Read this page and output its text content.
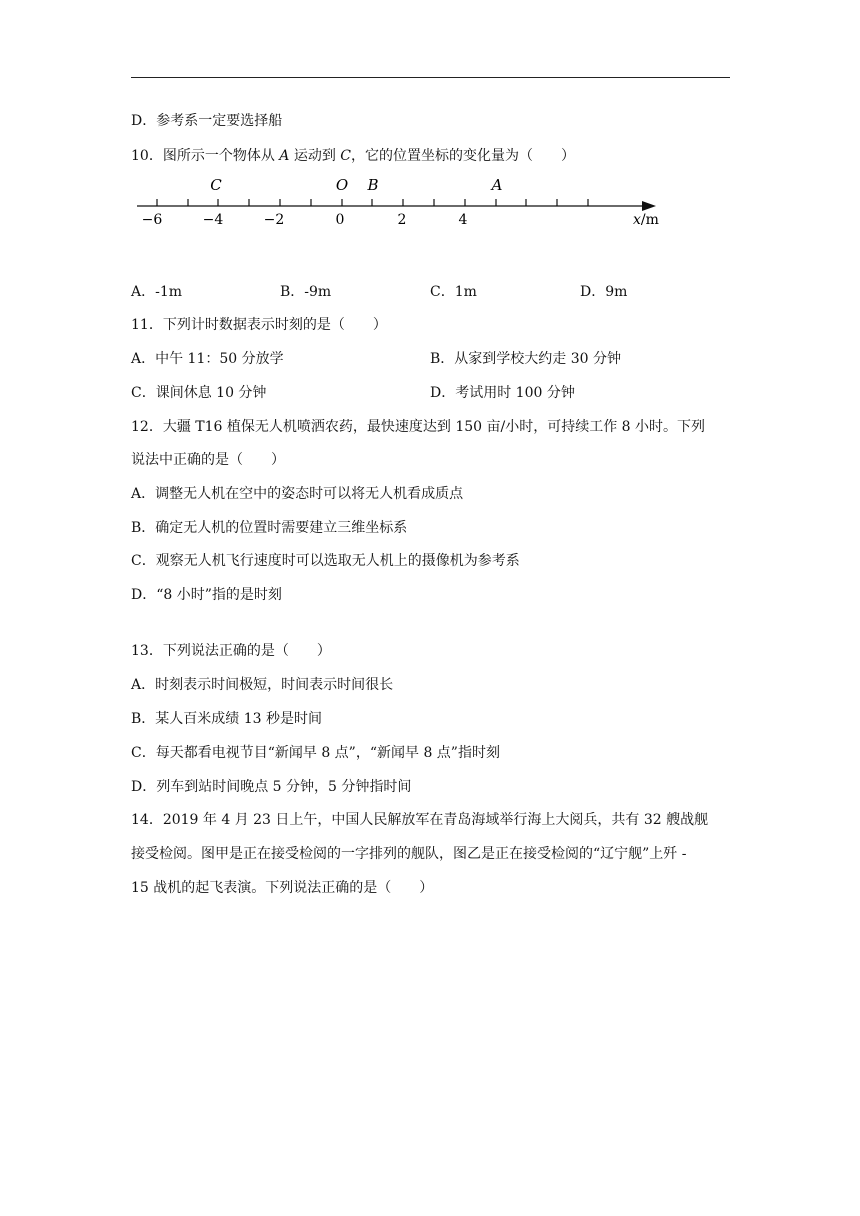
D．参考系一定要选择船
10．图所示一个物体从 A 运动到 C，它的位置坐标的变化量为（　　）
C	O B	A
−6	−4	−2	0	2	4	x/m
A．-1m	B．-9m	C．1m	D．9m
11．下列计时数据表示时刻的是（　　）
A．中午 11：50 分放学	B．从家到学校大约走 30 分钟
C．课间休息 10 分钟	D．考试用时 100 分钟
12．大疆 T16 植保无人机喷洒农药，最快速度达到 150 亩/小时，可持续工作 8 小时。下列
说法中正确的是（　　）
A．调整无人机在空中的姿态时可以将无人机看成质点
B．确定无人机的位置时需要建立三维坐标系
C．观察无人机飞行速度时可以选取无人机上的摄像机为参考系
D．“8 小时”指的是时刻
13．下列说法正确的是（　　）
A．时刻表示时间极短，时间表示时间很长
B．某人百米成绩 13 秒是时间
C．每天都看电视节目“新闻早 8 点”，“新闻早 8 点”指时刻
D．列车到站时间晚点 5 分钟，5 分钟指时间
14．2019 年 4 月 23 日上午，中国人民解放军在青岛海域举行海上大阅兵，共有 32 艘战舰
接受检阅。图甲是正在接受检阅的一字排列的舰队，图乙是正在接受检阅的“辽宁舰”上歼 -
15 战机的起飞表演。下列说法正确的是（　　）
